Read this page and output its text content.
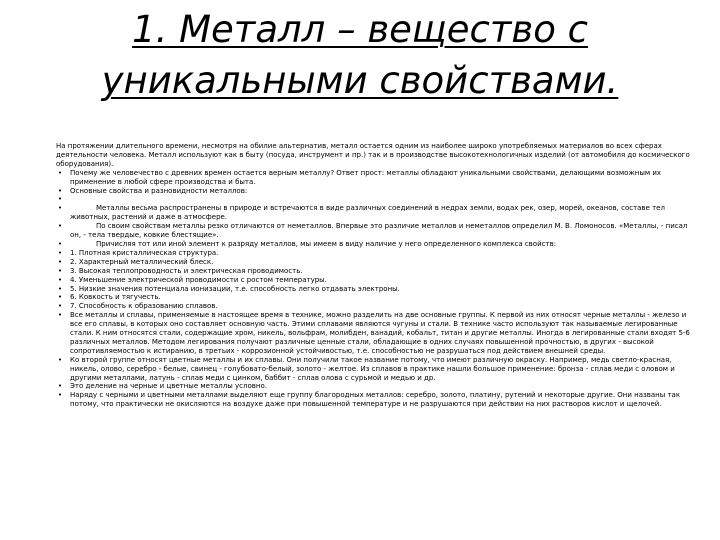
1. Металл – вещество с
уникальными свойствами.
На протяжении длительного времени, несмотря на обилие альтернатив, металл остается одним из наиболее широко употребляемых материалов во всех сферах деятельности человека. Металл используют как в быту (посуда, инструмент и пр.) так и в производстве высокотехнологичных изделий (от автомобиля до космического оборудования).
• Почему же человечество с древних времен остается верным металлу? Ответ прост: металлы обладают уникальными свойствами, делающими возможным их применение в любой сфере производства и быта.
• Основные свойства и разновидности металлов:
•

•	Металлы весьма распространены в природе и встречаются в виде различных соединений в недрах земли, водах рек, озер, морей, океанов, составе тел животных, растений и даже в атмосфере.
•	По своим свойствам металлы резко отличаются от неметаллов. Впервые это различие металлов и неметаллов определил М. В. Ломоносов. «Металлы, - писал он, - тела твердые, ковкие блестящие».
•	Причисляя тот или иной элемент к разряду металлов, мы имеем в виду наличие у него определенного комплекса свойств:
• 1. Плотная кристаллическая структура.
• 2. Характерный металлический блеск.
• 3. Высокая теплопроводность и электрическая проводимость.
• 4. Уменьшение электрической проводимости с ростом температуры.
• 5. Низкие значения потенциала ионизации, т.е. способность легко отдавать электроны.
• 6. Ковкость и тягучесть.
• 7. Способность к образованию сплавов.
• Все металлы и сплавы, применяемые в настоящее время в технике, можно разделить на две основные группы. К первой из них относят черные металлы - железо и все его сплавы, в которых оно составляет основную часть. Этими сплавами являются чугуны и стали. В технике часто используют так называемые легированные стали. К ним относятся стали, содержащие хром, никель, вольфрам, молибден, ванадий, кобальт, титан и другие металлы. Иногда в легированные стали входят 5-6 различных металлов. Методом легирования получают различные ценные стали, обладающие в одних случаях повышенной прочностью, в других - высокой сопротивляемостью к истиранию, в третьих - коррозионной устойчивостью, т.е. способностью не разрушаться под действием внешней среды.
• Ко второй группе относят цветные металлы и их сплавы. Они получили такое название потому, что имеют различную окраску. Например, медь светло-красная, никель, олово, серебро - белые, свинец - голубовато-белый, золото - желтое. Из сплавов в практике нашли большое применение: бронза - сплав меди с оловом и другими металлами, латунь - сплав меди с цинком, баббит - сплав олова с сурьмой и медью и др.
• Это деление на черные и цветные металлы условно.
• Наряду с черными и цветными металлами выделяют еще группу благородных металлов: серебро, золото, платину, рутений и некоторые другие. Они названы так потому, что практически не окисляются на воздухе даже при повышенной температуре и не разрушаются при действии на них растворов кислот и щелочей.
